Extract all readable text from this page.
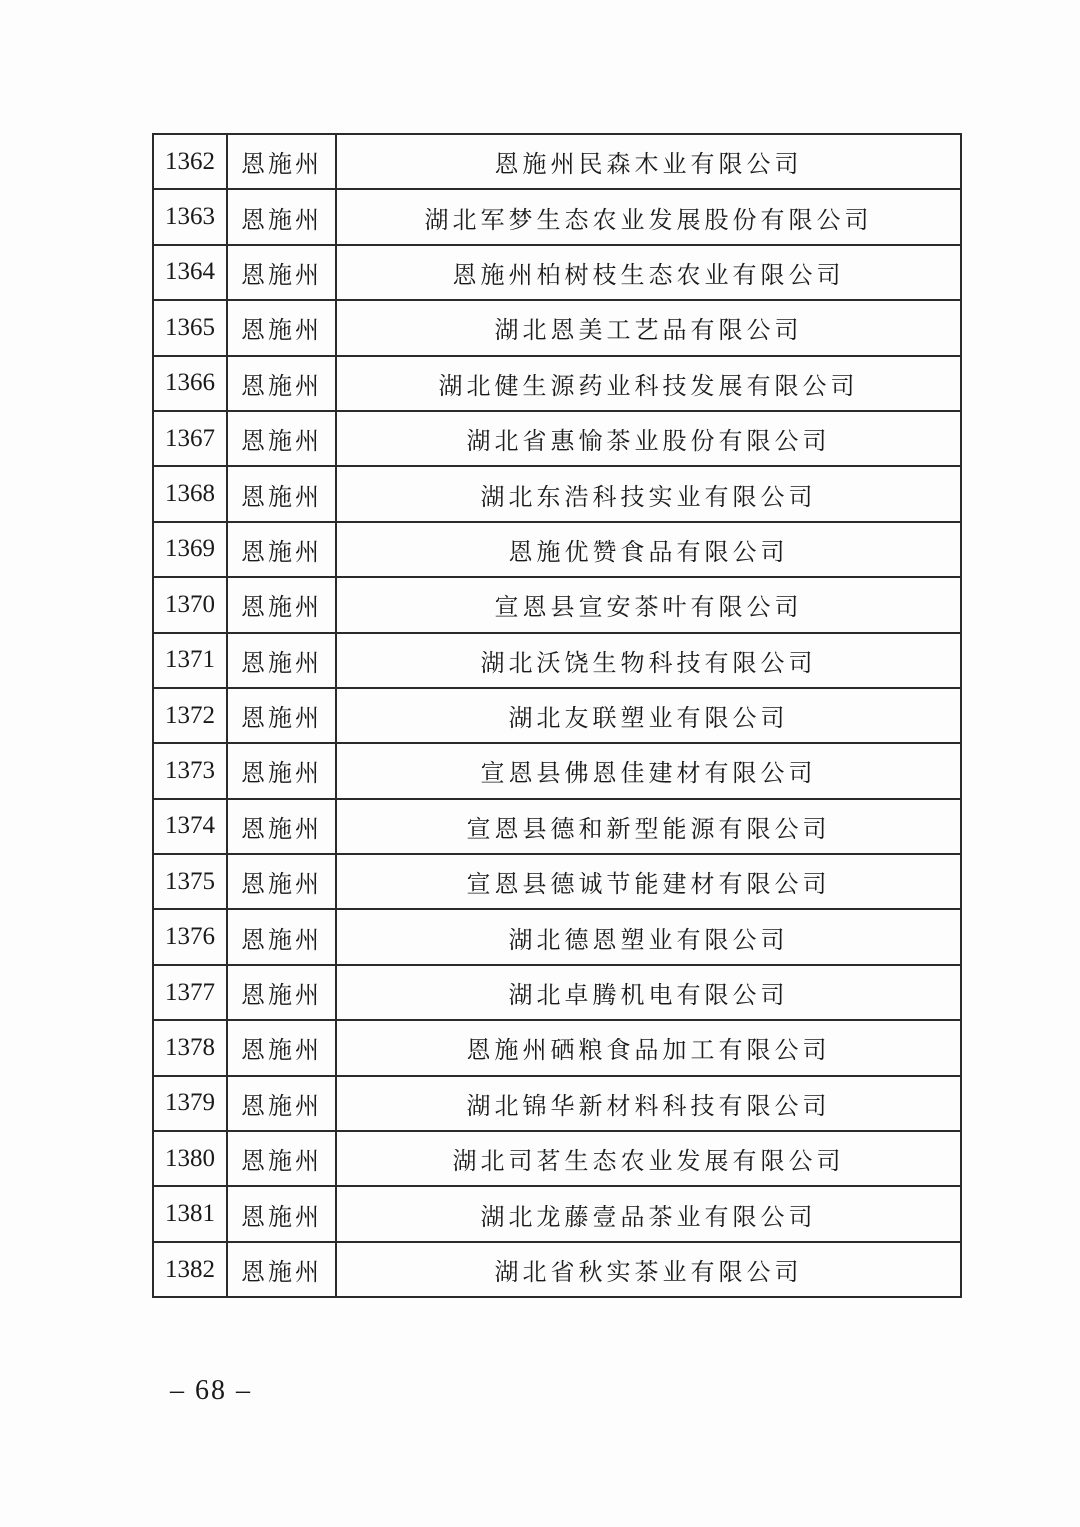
1362	恩施州	恩施州民森木业有限公司
1363	恩施州	湖北军梦生态农业发展股份有限公司
1364	恩施州	恩施州柏树枝生态农业有限公司
1365	恩施州	湖北恩美工艺品有限公司
1366	恩施州	湖北健生源药业科技发展有限公司
1367	恩施州	湖北省惠愉茶业股份有限公司
1368	恩施州	湖北东浩科技实业有限公司
1369	恩施州	恩施优赞食品有限公司
1370	恩施州	宣恩县宣安茶叶有限公司
1371	恩施州	湖北沃饶生物科技有限公司
1372	恩施州	湖北友联塑业有限公司
1373	恩施州	宣恩县佛恩佳建材有限公司
1374	恩施州	宣恩县德和新型能源有限公司
1375	恩施州	宣恩县德诚节能建材有限公司
1376	恩施州	湖北德恩塑业有限公司
1377	恩施州	湖北卓腾机电有限公司
1378	恩施州	恩施州硒粮食品加工有限公司
1379	恩施州	湖北锦华新材料科技有限公司
1380	恩施州	湖北司茗生态农业发展有限公司
1381	恩施州	湖北龙藤壹品茶业有限公司
1382	恩施州	湖北省秋实茶业有限公司
– 68 –
